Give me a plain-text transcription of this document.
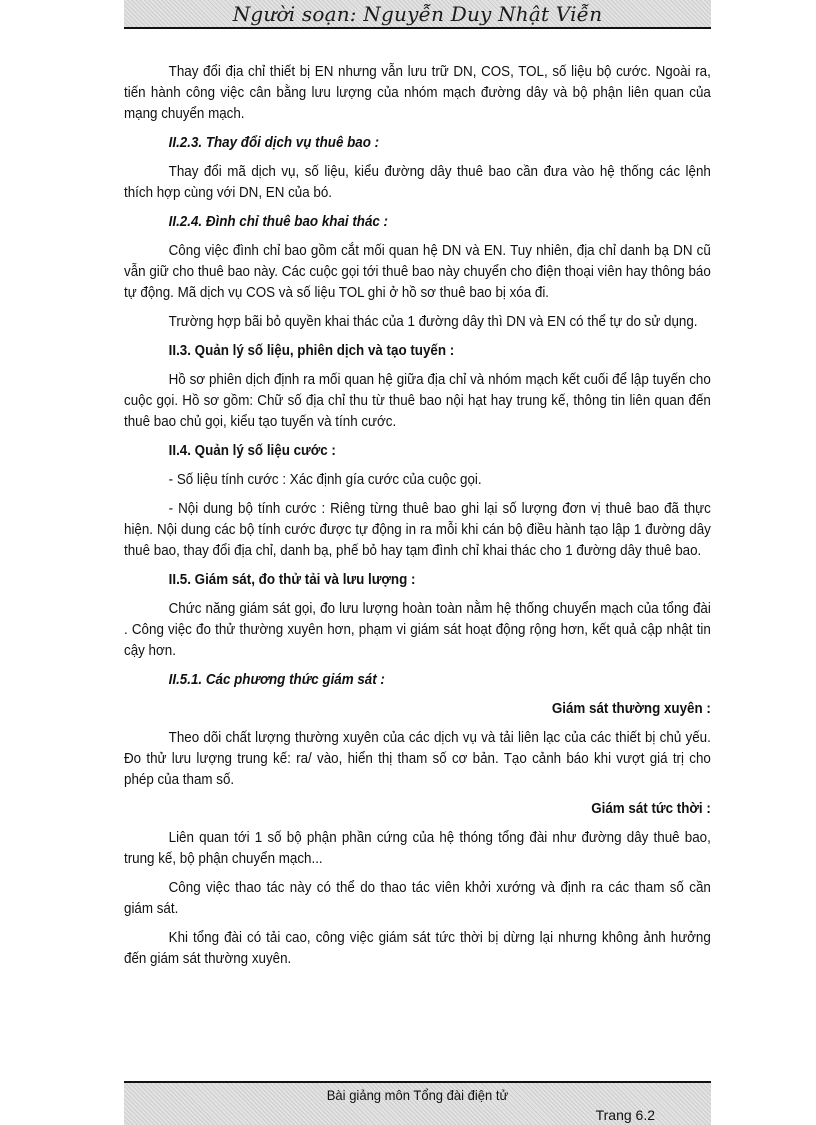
Người soạn: Nguyễn Duy Nhật Viễn

Thay đổi địa chỉ thiết bị EN nhưng vẫn lưu trữ DN, COS, TOL, số liệu bộ cước. Ngoài ra, tiến hành công việc cân bằng lưu lượng của nhóm mạch đường dây và bộ phận liên quan của mạng chuyển mạch.

II.2.3. Thay đổi dịch vụ thuê bao :

Thay đổi mã dịch vụ, số liệu, kiểu đường dây thuê bao cần đưa vào hệ thống các lệnh thích hợp cùng với DN, EN của bó.

II.2.4. Đình chỉ thuê bao khai thác :

Công việc đình chỉ bao gồm cắt mối quan hệ DN và EN. Tuy nhiên, địa chỉ danh bạ DN cũ vẫn giữ cho thuê bao này. Các cuộc gọi tới thuê bao này chuyển cho điện thoại viên hay thông báo tự động. Mã dịch vụ COS và số liệu TOL ghi ở hồ sơ thuê bao bị xóa đi.

Trường hợp bãi bỏ quyền khai thác của 1 đường dây thì DN và EN có thể tự do sử dụng.

II.3. Quản lý số liệu, phiên dịch và tạo tuyến :

Hồ sơ phiên dịch định ra mối quan hệ giữa địa chỉ và nhóm mạch kết cuối để lập tuyến cho cuộc gọi. Hồ sơ gồm: Chữ số địa chỉ thu từ thuê bao nội hạt hay trung kế, thông tin liên quan đến thuê bao chủ gọi, kiểu tạo tuyến và tính cước.

II.4. Quản lý số liệu cước :

- Số liệu tính cước : Xác định gía cước của cuộc gọi.

- Nội dung bộ tính cước : Riêng từng thuê bao ghi lại số lượng đơn vị thuê bao đã thực hiện. Nội dung các bộ tính cước được tự động in ra mỗi khi cán bộ điều hành tạo lập 1 đường dây thuê bao, thay đổi địa chỉ, danh bạ, phế bỏ hay tạm đình chỉ khai thác cho 1 đường dây thuê bao.

II.5. Giám sát, đo thử tải và lưu lượng :

Chức năng giám sát gọi, đo lưu lượng hoàn toàn nằm hệ thống chuyển mạch của tổng đài . Công việc đo thử thường xuyên hơn, phạm vi giám sát hoạt động rộng hơn, kết quả cập nhật tin cậy hơn.

II.5.1. Các phương thức giám sát :

Giám sát thường xuyên :

Theo dõi chất lượng thường xuyên của các dịch vụ và tải liên lạc của các thiết bị chủ yếu. Đo thử lưu lượng trung kế: ra/ vào, hiển thị tham số cơ bản. Tạo cảnh báo khi vượt giá trị cho phép của tham số.

Giám sát tức thời :

Liên quan tới 1 số bộ phận phần cứng của hệ thóng tổng đài như đường dây thuê bao, trung kế, bộ phận chuyển mạch...

Công việc thao tác này có thể do thao tác viên khởi xướng và định ra các tham số cần giám sát.

Khi tổng đài có tải cao, công việc giám sát tức thời bị dừng lại nhưng không ảnh hưởng đến giám sát thường xuyên.

Bài giảng môn Tổng đài điện tử
Trang 6.2
